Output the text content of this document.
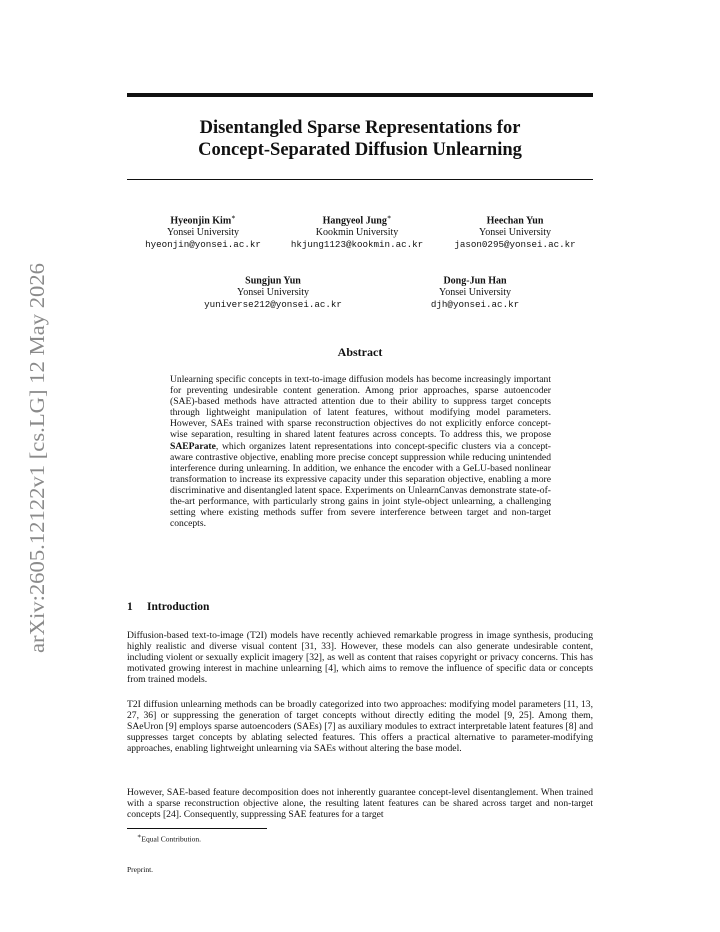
arXiv:2605.12122v1 [cs.LG] 12 May 2026
Disentangled Sparse Representations for
Concept-Separated Diffusion Unlearning
Hyeonjin Kim∗
Yonsei University
hyeonjin@yonsei.ac.kr
Hangyeol Jung∗
Kookmin University
hkjung1123@kookmin.ac.kr
Heechan Yun
Yonsei University
jason0295@yonsei.ac.kr
Sungjun Yun
Yonsei University
yuniverse212@yonsei.ac.kr
Dong-Jun Han
Yonsei University
djh@yonsei.ac.kr
Abstract
Unlearning specific concepts in text-to-image diffusion models has become increasingly important for preventing undesirable content generation. Among prior approaches, sparse autoencoder (SAE)-based methods have attracted attention due to their ability to suppress target concepts through lightweight manipulation of latent features, without modifying model parameters. However, SAEs trained with sparse reconstruction objectives do not explicitly enforce concept-wise separation, resulting in shared latent features across concepts. To address this, we propose SAEParate, which organizes latent representations into concept-specific clusters via a concept-aware contrastive objective, enabling more precise concept suppression while reducing unintended interference during unlearning. In addition, we enhance the encoder with a GeLU-based nonlinear transformation to increase its expressive capacity under this separation objective, enabling a more discriminative and disentangled latent space. Experiments on UnlearnCanvas demonstrate state-of-the-art performance, with particularly strong gains in joint style-object unlearning, a challenging setting where existing methods suffer from severe interference between target and non-target concepts.
1 Introduction
Diffusion-based text-to-image (T2I) models have recently achieved remarkable progress in image synthesis, producing highly realistic and diverse visual content [31, 33]. However, these models can also generate undesirable content, including violent or sexually explicit imagery [32], as well as content that raises copyright or privacy concerns. This has motivated growing interest in machine unlearning [4], which aims to remove the influence of specific data or concepts from trained models.
T2I diffusion unlearning methods can be broadly categorized into two approaches: modifying model parameters [11, 13, 27, 36] or suppressing the generation of target concepts without directly editing the model [9, 25]. Among them, SAeUron [9] employs sparse autoencoders (SAEs) [7] as auxiliary modules to extract interpretable latent features [8] and suppresses target concepts by ablating selected features. This offers a practical alternative to parameter-modifying approaches, enabling lightweight unlearning via SAEs without altering the base model.
However, SAE-based feature decomposition does not inherently guarantee concept-level disentanglement. When trained with a sparse reconstruction objective alone, the resulting latent features can be shared across target and non-target concepts [24]. Consequently, suppressing SAE features for a target
∗Equal Contribution.
Preprint.
